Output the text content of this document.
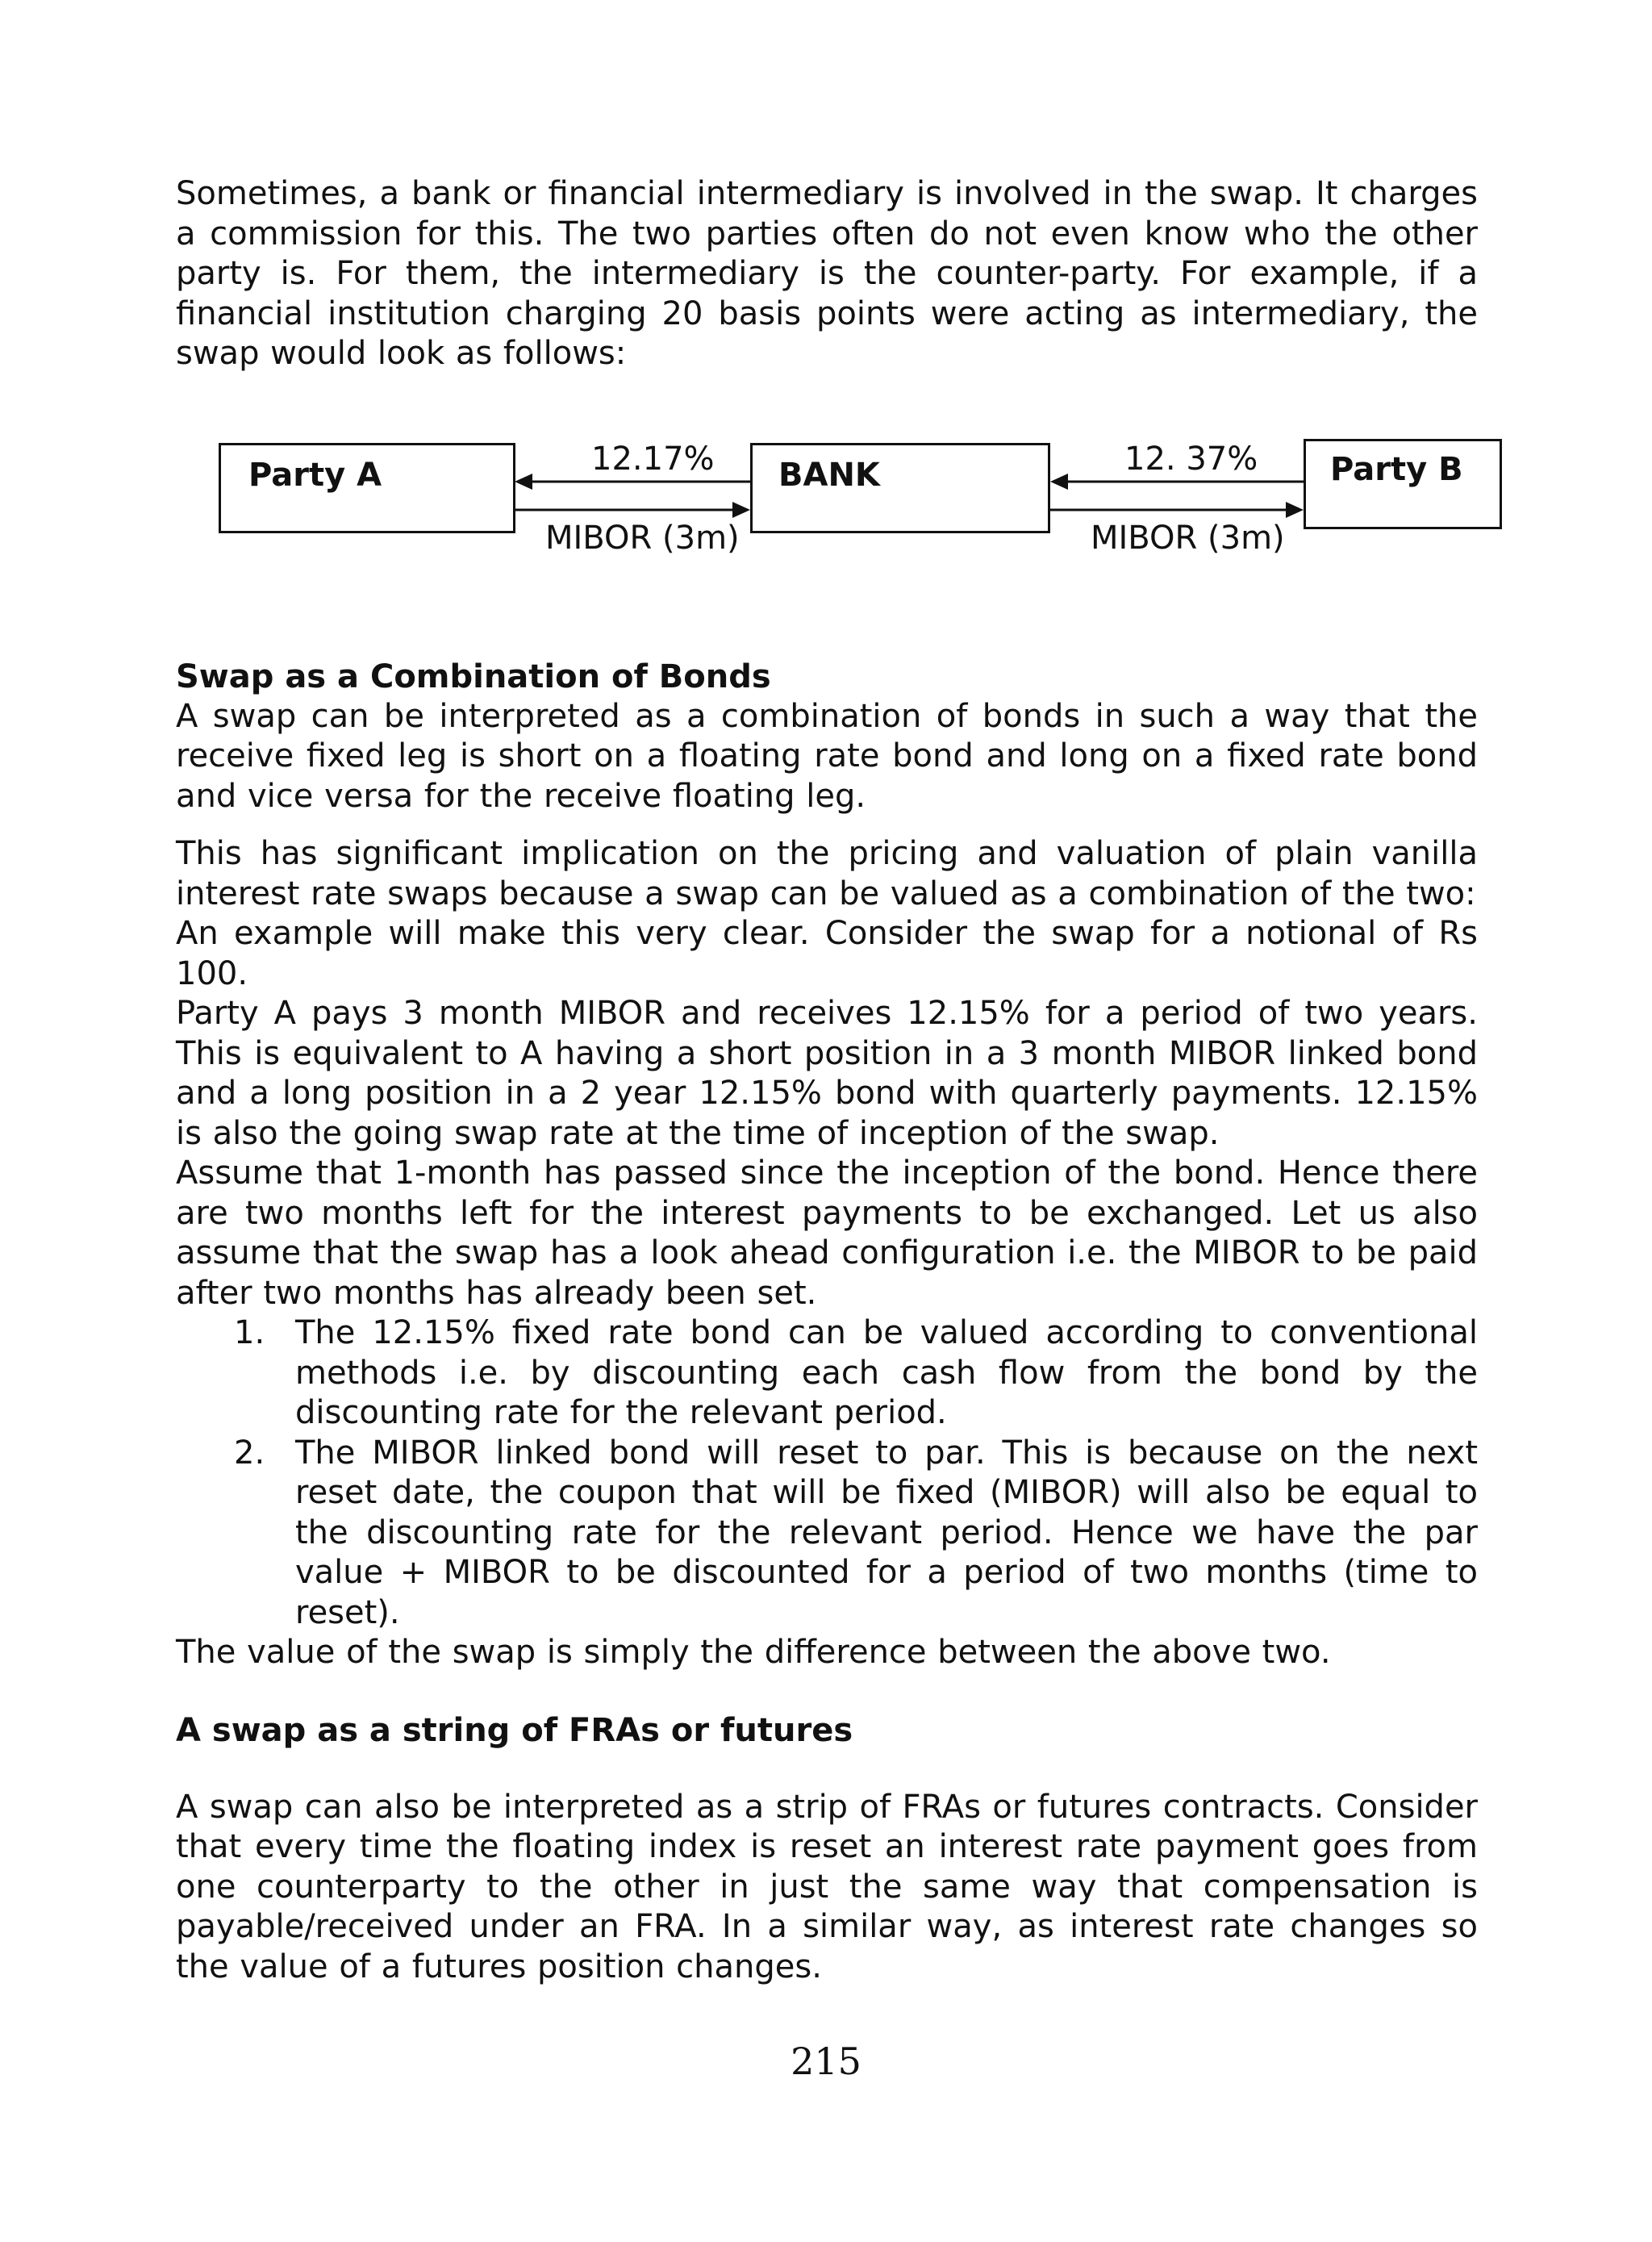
Sometimes, a bank or financial intermediary is involved in the swap. It charges a commission for this. The two parties often do not even know who the other party is. For them, the intermediary is the counter-party. For example, if a financial institution charging 20 basis points were acting as intermediary, the swap would look as follows:

Party A	BANK	Party B
12.17%	12. 37%
MIBOR (3m)	MIBOR (3m)
Swap as a Combination of Bonds

A swap can be interpreted as a combination of bonds in such a way that the receive fixed leg is short on a floating rate bond and long on a fixed rate bond and vice versa for the receive floating leg.

This has significant implication on the pricing and valuation of plain vanilla interest rate swaps because a swap can be valued as a combination of the two:

An example will make this very clear. Consider the swap for a notional of Rs 100.

Party A pays 3 month MIBOR and receives 12.15% for a period of two years. This is equivalent to A having a short position in a 3 month MIBOR linked bond and a long position in a 2 year 12.15% bond with quarterly payments. 12.15% is also the going swap rate at the time of inception of the swap.

Assume that 1-month has passed since the inception of the bond. Hence there are two months left for the interest payments to be exchanged. Let us also assume that the swap has a look ahead configuration i.e. the MIBOR to be paid after two months has already been set.

1. The 12.15% fixed rate bond can be valued according to conventional methods i.e. by discounting each cash flow from the bond by the discounting rate for the relevant period.
2. The MIBOR linked bond will reset to par. This is because on the next reset date, the coupon that will be fixed (MIBOR) will also be equal to the discounting rate for the relevant period. Hence we have the par value + MIBOR to be discounted for a period of two months (time to reset).

The value of the swap is simply the difference between the above two.

A swap as a string of FRAs or futures

A swap can also be interpreted as a strip of FRAs or futures contracts. Consider that every time the floating index is reset an interest rate payment goes from one counterparty to the other in just the same way that compensation is payable/received under an FRA. In a similar way, as interest rate changes so the value of a futures position changes.

215
